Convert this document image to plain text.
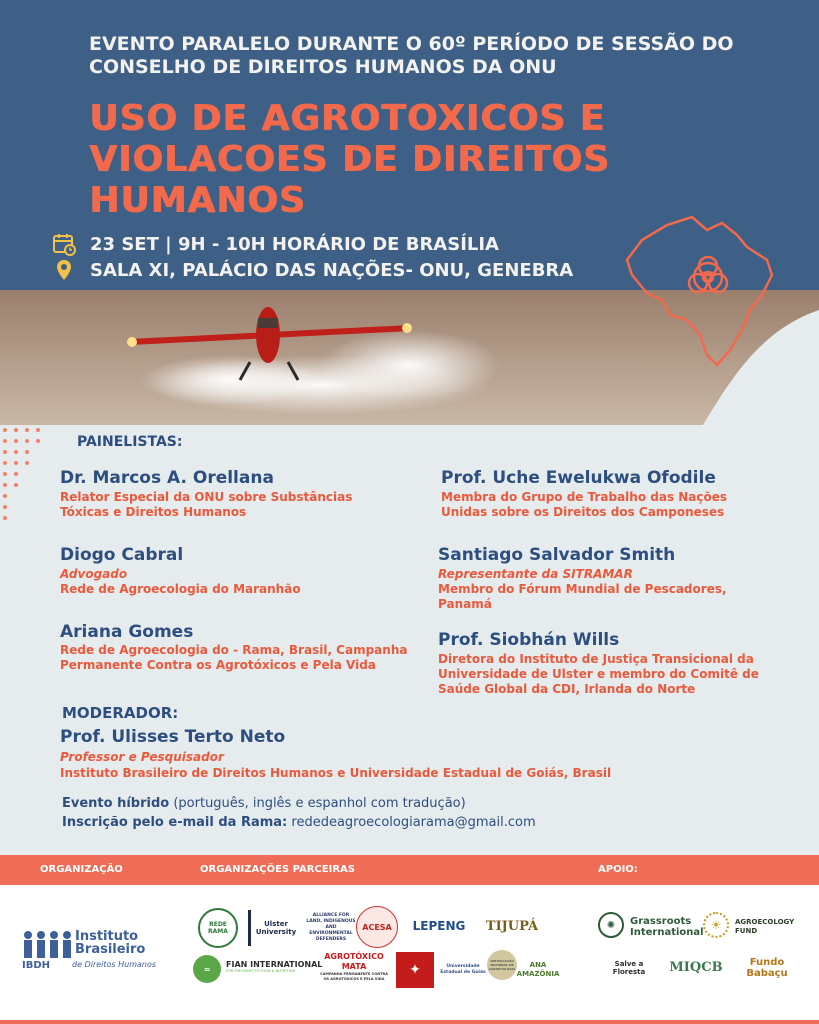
EVENTO PARALELO DURANTE O 60º PERÍODO DE SESSÃO DO CONSELHO DE DIREITOS HUMANOS DA ONU
USO DE AGROTOXICOS E VIOLACOES DE DIREITOS HUMANOS
23 SET | 9H - 10H HORÁRIO DE BRASÍLIA
SALA XI, PALÁCIO DAS NAÇÕES- ONU, GENEBRA
PAINELISTAS:
Dr. Marcos A. Orellana
Relator Especial da ONU sobre Substâncias Tóxicas e Direitos Humanos
Diogo Cabral
Advogado
Rede de Agroecologia do Maranhão
Ariana Gomes
Rede de Agroecologia do - Rama, Brasil, Campanha Permanente Contra os Agrotóxicos e Pela Vida
Prof. Uche Ewelukwa Ofodile
Membra do Grupo de Trabalho das Nações Unidas sobre os Direitos dos Camponeses
Santiago Salvador Smith
Representante da SITRAMAR
Membro do Fórum Mundial de Pescadores, Panamá
Prof. Siobhán Wills
Diretora do Instituto de Justiça Transicional da Universidade de Ulster e membro do Comitê de Saúde Global da CDI, Irlanda do Norte
MODERADOR:
Prof. Ulisses Terto Neto
Professor e Pesquisador
Instituto Brasileiro de Direitos Humanos e Universidade Estadual de Goiás, Brasil
Evento híbrido (português, inglês e espanhol com tradução)
Inscrição pelo e-mail da Rama: rededeagroecologiarama@gmail.com
ORGANIZAÇÃO	ORGANIZAÇÕES PARCEIRAS	APOIO:
Instituto
Brasileiro
IBDH	de Direitos Humanos
REDE RAMA
Ulster University
ALLIANCE FOR LAND, INDIGENOUS AND ENVIRONMENTAL DEFENDERS
ACESA	LEPENG	TIJUPÁ
≈	FIAN INTERNATIONAL
FOR THE RIGHT TO FOOD & NUTRITION
AGROTÓXICO MATA
CAMPANHA PERMANENTE CONTRA OS AGROTÓXICOS E PELA VIDA
✦	Universidade Estadual de Goiás
ARTICULAÇÃO NACIONAL DE AGROECOLOGIA	ANA AMAZÔNIA
✺	Grassroots International
☀	AGROECOLOGY FUND
Salve a Floresta	MIQCB	Fundo Babaçu
